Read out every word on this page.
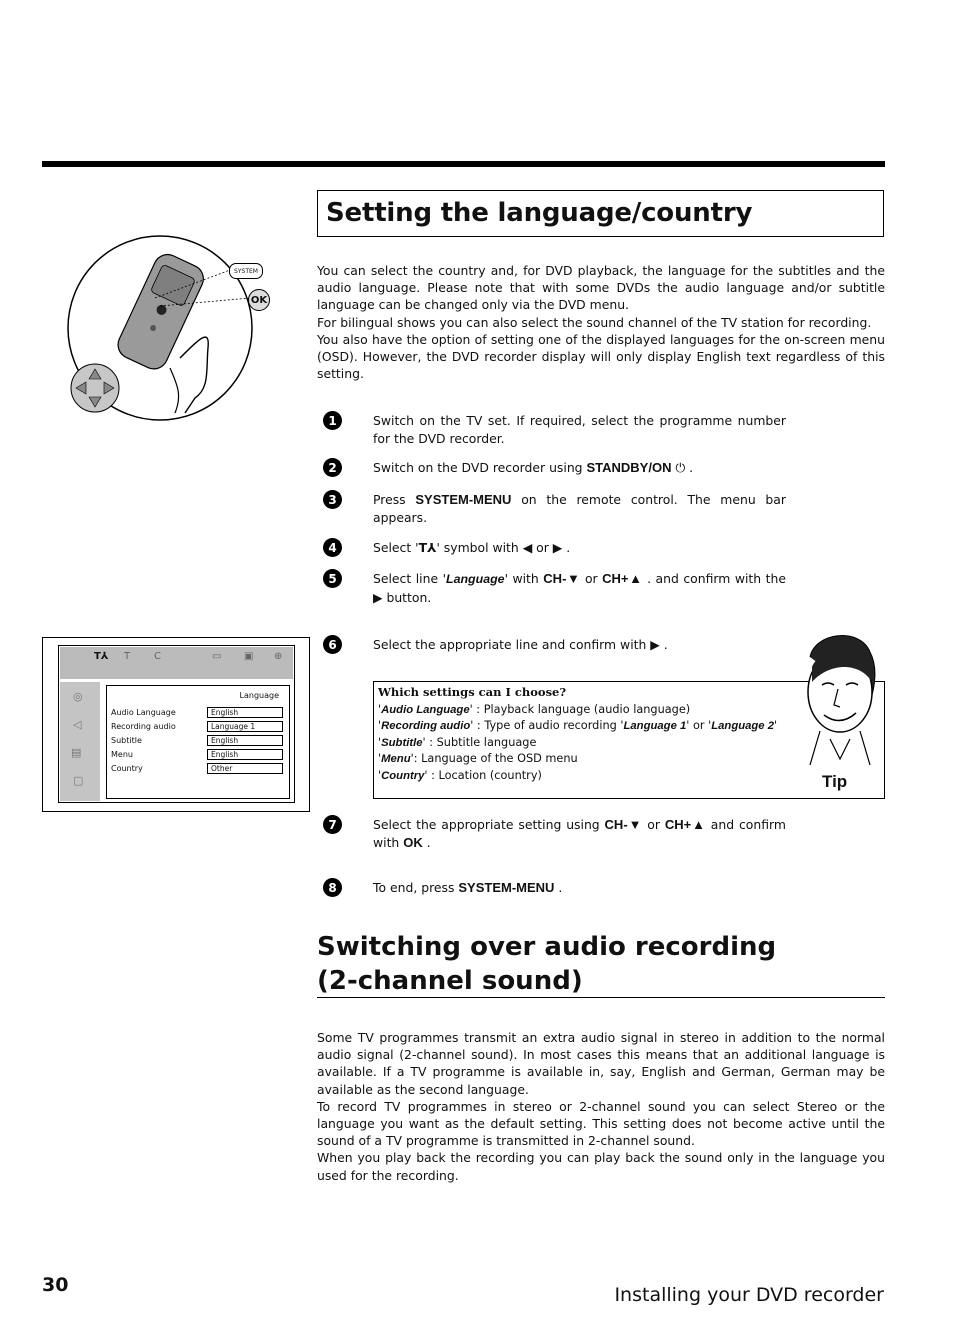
Setting the language/country

You can select the country and, for DVD playback, the language for the subtitles and the audio language. Please note that with some DVDs the audio language and/or subtitle language can be changed only via the DVD menu.

For bilingual shows you can also select the sound channel of the TV station for recording.

You also have the option of setting one of the displayed languages for the on-screen menu (OSD). However, the DVD recorder display will only display English text regardless of this setting.

SYSTEM
OK
1	Switch on the TV set. If required, select the programme number for the DVD recorder.
2	Switch on the DVD recorder using STANDBY/ON ⏻ .
3	Press SYSTEM-MENU on the remote control. The menu bar appears.
4	Select 'T⅄' symbol with ◀ or ▶ .
5	Select line 'Language' with CH-▼ or CH+▲ . and confirm with the ▶ button.
6	Select the appropriate line and confirm with ▶ .
Which settings can I choose?
'Audio Language' : Playback language (audio language)
'Recording audio' : Type of audio recording 'Language 1' or 'Language 2'
'Subtitle' : Subtitle language
'Menu': Language of the OSD menu
'Country' : Location (country)	Tip
7	Select the appropriate setting using CH-▼ or CH+▲ and confirm with OK .
8	To end, press SYSTEM-MENU .
T⅄ T C	▭ ▣ ⊕
◎
◁
▤
▢
Language
Audio Language	English
Recording audio	Language 1
Subtitle	English
Menu	English
Country	Other
Switching over audio recording
(2-channel sound)

Some TV programmes transmit an extra audio signal in stereo in addition to the normal audio signal (2-channel sound). In most cases this means that an additional language is available. If a TV programme is available in, say, English and German, German may be available as the second language.

To record TV programmes in stereo or 2-channel sound you can select Stereo or the language you want as the default setting. This setting does not become active until the sound of a TV programme is transmitted in 2-channel sound.

When you play back the recording you can play back the sound only in the language you used for the recording.

30	Installing your DVD recorder
